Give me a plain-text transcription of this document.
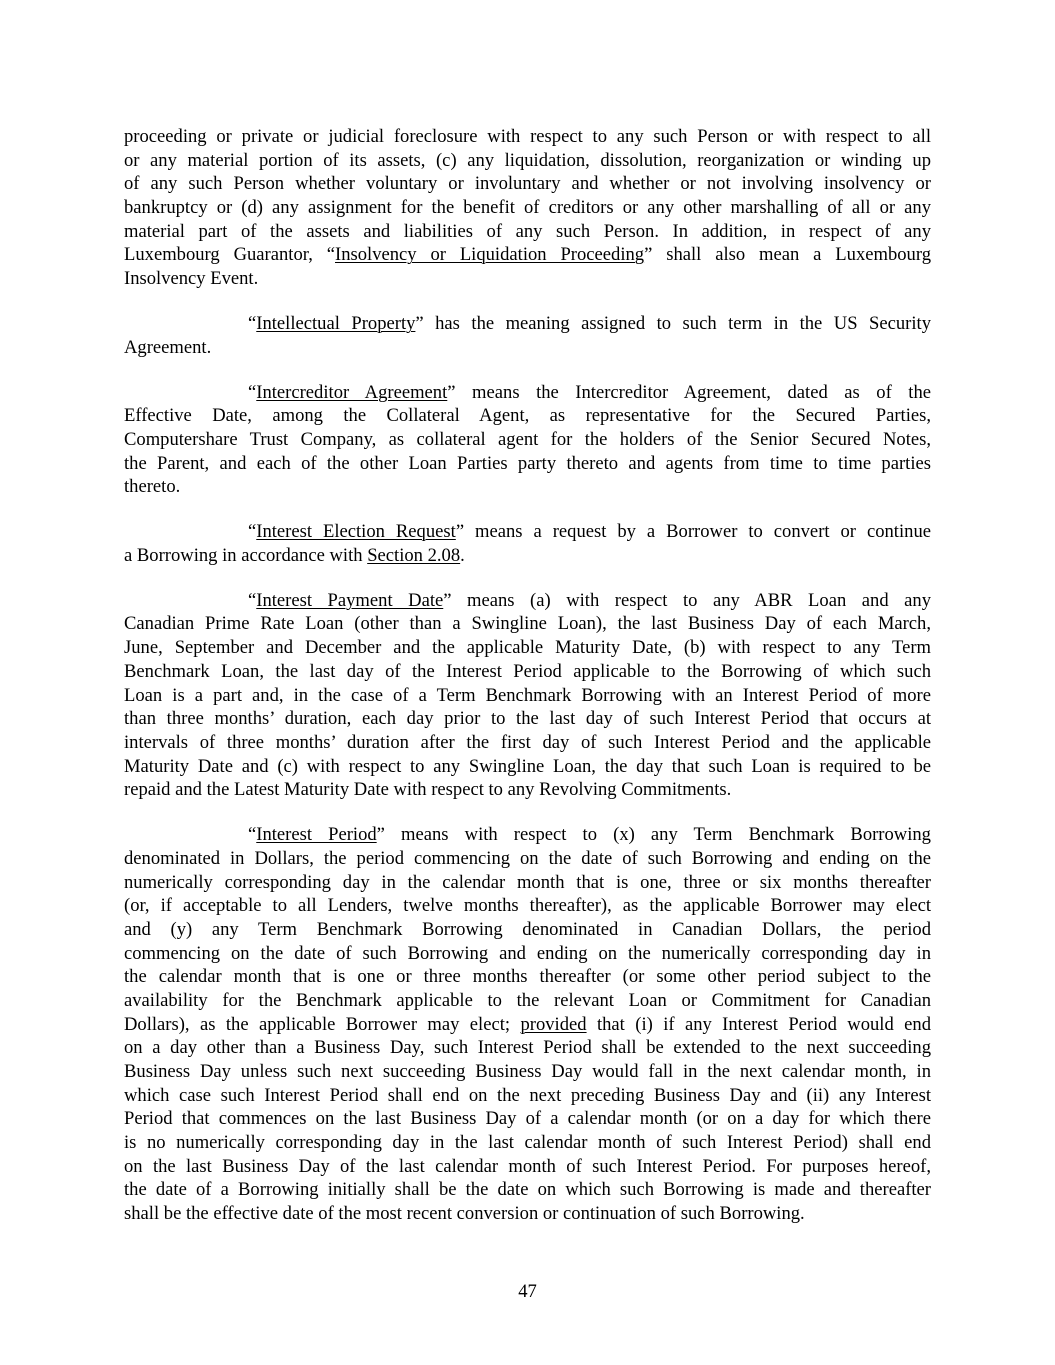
proceeding or private or judicial foreclosure with respect to any such Person or with respect to all
or any material portion of its assets, (c) any liquidation, dissolution, reorganization or winding up
of any such Person whether voluntary or involuntary and whether or not involving insolvency or
bankruptcy or (d) any assignment for the benefit of creditors or any other marshalling of all or any
material part of the assets and liabilities of any such Person. In addition, in respect of any
Luxembourg Guarantor, “Insolvency or Liquidation Proceeding” shall also mean a Luxembourg
Insolvency Event.
“Intellectual Property” has the meaning assigned to such term in the US Security
Agreement.
“Intercreditor Agreement” means the Intercreditor Agreement, dated as of the
Effective Date, among the Collateral Agent, as representative for the Secured Parties,
Computershare Trust Company, as collateral agent for the holders of the Senior Secured Notes,
the Parent, and each of the other Loan Parties party thereto and agents from time to time parties
thereto.
“Interest Election Request” means a request by a Borrower to convert or continue
a Borrowing in accordance with Section 2.08.
“Interest Payment Date” means (a) with respect to any ABR Loan and any
Canadian Prime Rate Loan (other than a Swingline Loan), the last Business Day of each March,
June, September and December and the applicable Maturity Date, (b) with respect to any Term
Benchmark Loan, the last day of the Interest Period applicable to the Borrowing of which such
Loan is a part and, in the case of a Term Benchmark Borrowing with an Interest Period of more
than three months’ duration, each day prior to the last day of such Interest Period that occurs at
intervals of three months’ duration after the first day of such Interest Period and the applicable
Maturity Date and (c) with respect to any Swingline Loan, the day that such Loan is required to be
repaid and the Latest Maturity Date with respect to any Revolving Commitments.
“Interest Period” means with respect to (x) any Term Benchmark Borrowing
denominated in Dollars, the period commencing on the date of such Borrowing and ending on the
numerically corresponding day in the calendar month that is one, three or six months thereafter
(or, if acceptable to all Lenders, twelve months thereafter), as the applicable Borrower may elect
and (y) any Term Benchmark Borrowing denominated in Canadian Dollars, the period
commencing on the date of such Borrowing and ending on the numerically corresponding day in
the calendar month that is one or three months thereafter (or some other period subject to the
availability for the Benchmark applicable to the relevant Loan or Commitment for Canadian
Dollars), as the applicable Borrower may elect; provided that (i) if any Interest Period would end
on a day other than a Business Day, such Interest Period shall be extended to the next succeeding
Business Day unless such next succeeding Business Day would fall in the next calendar month, in
which case such Interest Period shall end on the next preceding Business Day and (ii) any Interest
Period that commences on the last Business Day of a calendar month (or on a day for which there
is no numerically corresponding day in the last calendar month of such Interest Period) shall end
on the last Business Day of the last calendar month of such Interest Period. For purposes hereof,
the date of a Borrowing initially shall be the date on which such Borrowing is made and thereafter
shall be the effective date of the most recent conversion or continuation of such Borrowing.
47
